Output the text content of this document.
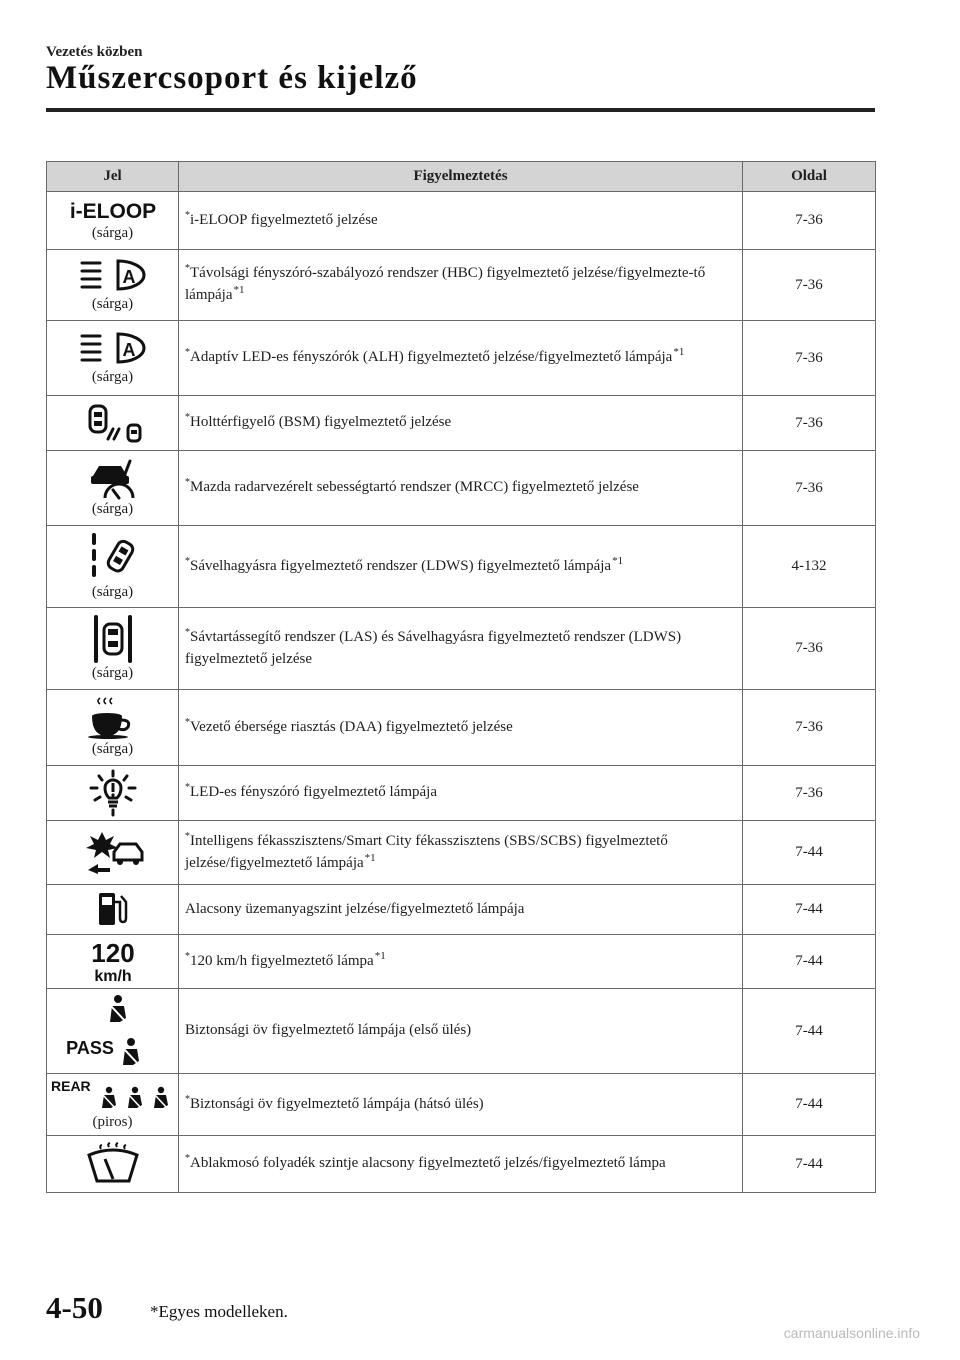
Vezetés közben
Műszercsoport és kijelző
Jel	Figyelmeztetés	Oldal

i-ELOOP
(sárga)	*i-ELOOP figyelmeztető jelzése	7-36

A
(sárga)	*Távolsági fényszóró-szabályozó rendszer (HBC) figyelmeztető jelzése/figyelmezte-tő lámpája$^{*1}$	7-36

A
(sárga)	*Adaptív LED-es fényszórók (ALH) figyelmeztető jelzése/figyelmeztető lámpája$^{*1}$	7-36

	*Holttérfigyelő (BSM) figyelmeztető jelzése	7-36

(sárga)	*Mazda radarvezérelt sebességtartó rendszer (MRCC) figyelmeztető jelzése	7-36

(sárga)	*Sávelhagyásra figyelmeztető rendszer (LDWS) figyelmeztető lámpája$^{*1}$	4-132

(sárga)	*Sávtartássegítő rendszer (LAS) és Sávelhagyásra figyelmeztető rendszer (LDWS) figyelmeztető jelzése	7-36

(sárga)	*Vezető ébersége riasztás (DAA) figyelmeztető jelzése	7-36

	*LED-es fényszóró figyelmeztető lámpája	7-36

	*Intelligens fékasszisztens/Smart City fékasszisztens (SBS/SCBS) figyelmeztető jelzése/figyelmeztető lámpája$^{*1}$	7-44

	Alacsony üzemanyagszint jelzése/figyelmeztető lámpája	7-44

120
km/h	*120 km/h figyelmeztető lámpa$^{*1}$	7-44

PASS	Biztonsági öv figyelmeztető lámpája (első ülés)	7-44

REAR
(piros)	*Biztonsági öv figyelmeztető lámpája (hátsó ülés)	7-44

	*Ablakmosó folyadék szintje alacsony figyelmeztető jelzés/figyelmeztető lámpa	7-44
4-50	*Egyes modelleken.
carmanualsonline.info
